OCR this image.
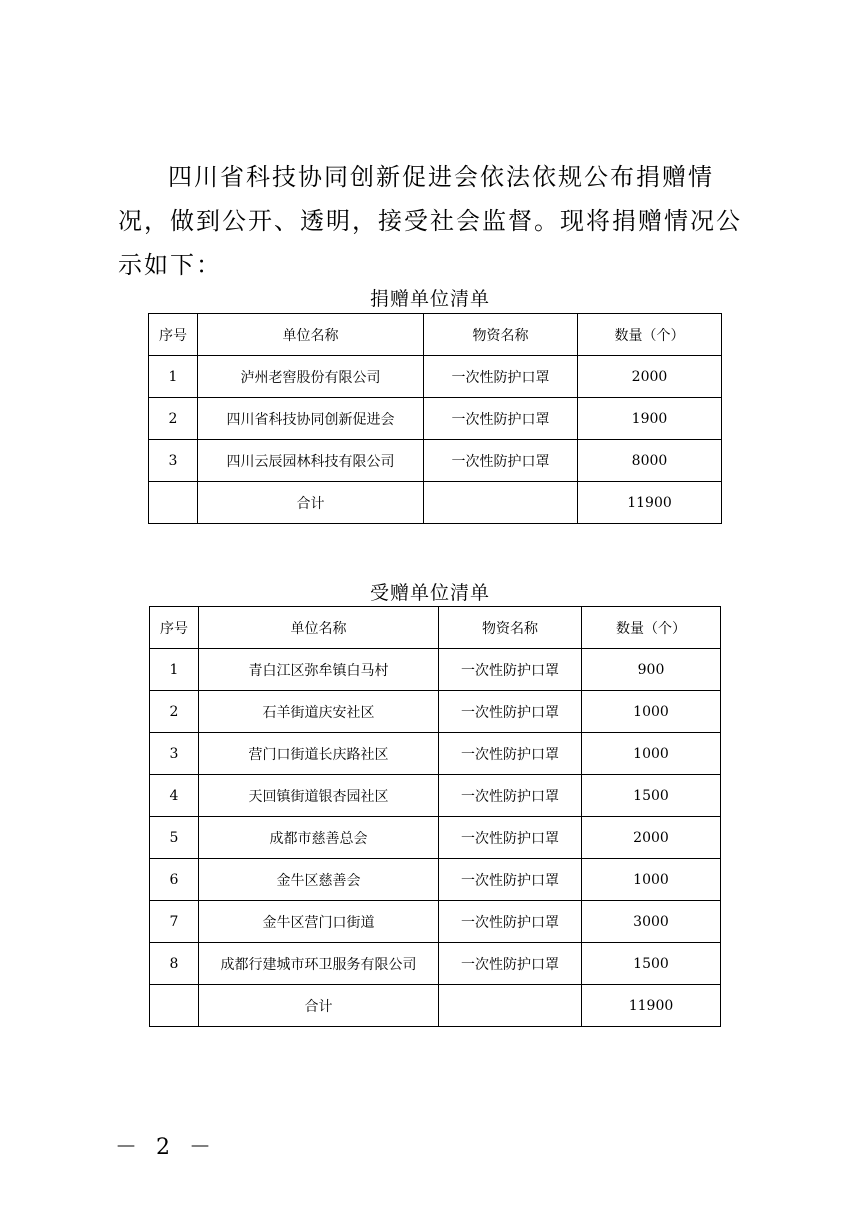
四川省科技协同创新促进会依法依规公布捐赠情况，做到公开、透明，接受社会监督。现将捐赠情况公示如下：

捐赠单位清单
序号	单位名称	物资名称	数量（个）
1	泸州老窖股份有限公司	一次性防护口罩	2000
2	四川省科技协同创新促进会	一次性防护口罩	1900
3	四川云辰园林科技有限公司	一次性防护口罩	8000
	合计		11900
受赠单位清单
序号	单位名称	物资名称	数量（个）
1	青白江区弥牟镇白马村	一次性防护口罩	900
2	石羊街道庆安社区	一次性防护口罩	1000
3	营门口街道长庆路社区	一次性防护口罩	1000
4	天回镇街道银杏园社区	一次性防护口罩	1500
5	成都市慈善总会	一次性防护口罩	2000
6	金牛区慈善会	一次性防护口罩	1000
7	金牛区营门口街道	一次性防护口罩	3000
8	成都行建城市环卫服务有限公司	一次性防护口罩	1500
	合计		11900
－ 2 －
